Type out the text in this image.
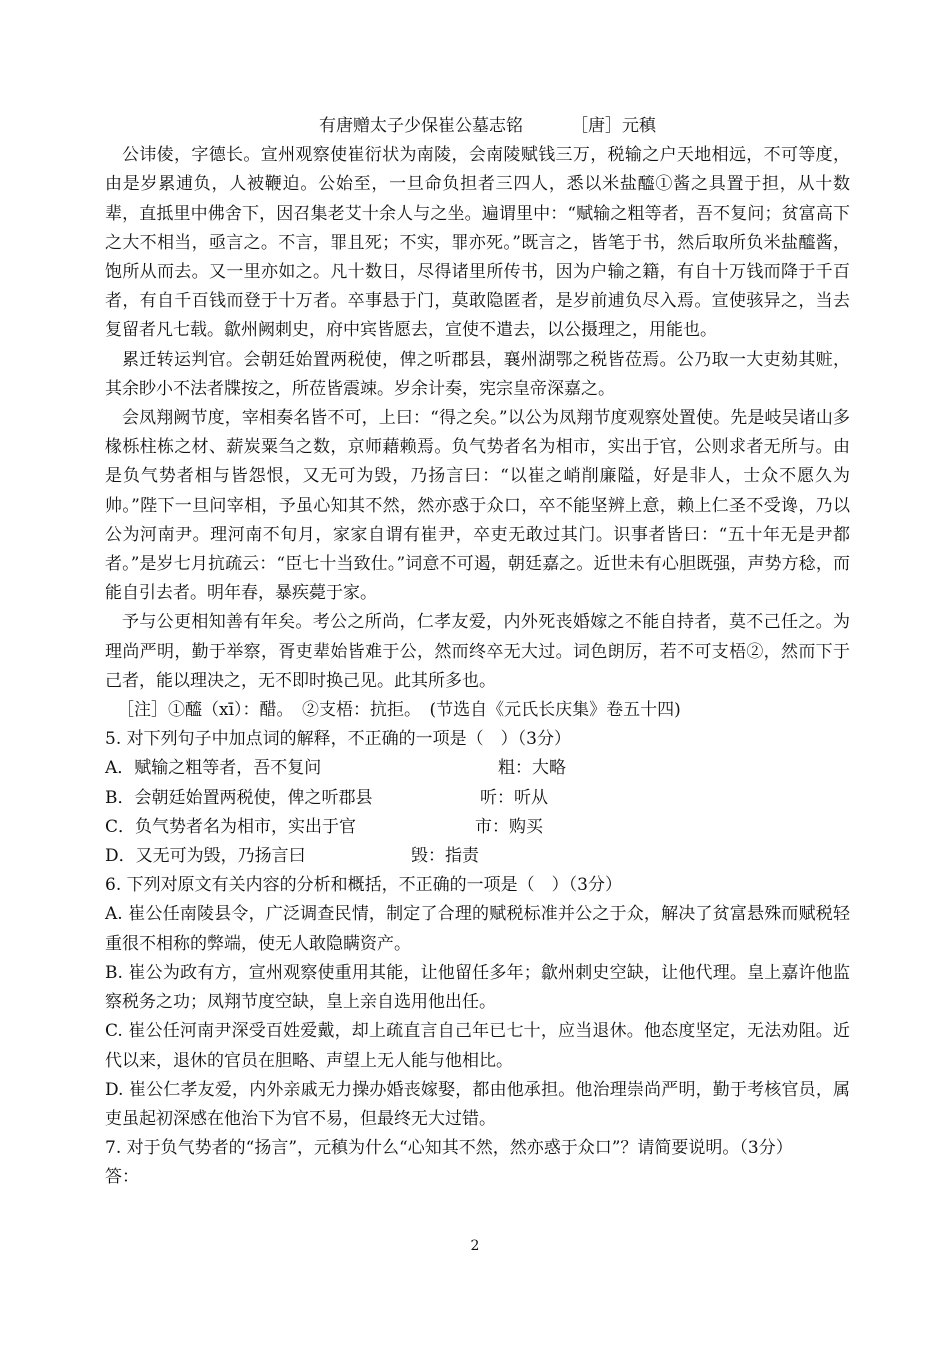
有唐赠太子少保崔公墓志铭	［唐］元稹

公讳倰，字德长。宣州观察使崔衍状为南陵，会南陵赋钱三万，税输之户天地相远，不可等度，由是岁累逋负，人被鞭迫。公始至，一旦命负担者三四人，悉以米盐醯①酱之具置于担，从十数辈，直抵里中佛舍下，因召集老艾十余人与之坐。遍谓里中：“赋输之粗等者，吾不复问；贫富高下之大不相当，亟言之。不言，罪且死；不实，罪亦死。”既言之，皆笔于书，然后取所负米盐醯酱，饱所从而去。又一里亦如之。凡十数日，尽得诸里所传书，因为户输之籍，有自十万钱而降于千百者，有自千百钱而登于十万者。卒事悬于门，莫敢隐匿者，是岁前逋负尽入焉。宣使骇异之，当去复留者凡七载。歙州阙刺史，府中宾皆愿去，宣使不遣去，以公摄理之，用能也。

累迁转运判官。会朝廷始置两税使，俾之听郡县，襄州湖鄂之税皆莅焉。公乃取一大吏劾其赃，其余眇小不法者牒按之，所莅皆震竦。岁余计奏，宪宗皇帝深嘉之。

会凤翔阙节度，宰相奏名皆不可，上曰：“得之矣。”以公为凤翔节度观察处置使。先是岐吴诸山多椽栎柱栋之材、薪炭粟刍之数，京师藉赖焉。负气势者名为相市，实出于官，公则求者无所与。由是负气势者相与皆怨恨，又无可为毁，乃扬言曰：“以崔之峭削廉隘，好是非人，士众不愿久为帅。”陛下一旦问宰相，予虽心知其不然，然亦惑于众口，卒不能坚辨上意，赖上仁圣不受谗，乃以公为河南尹。理河南不旬月，家家自谓有崔尹，卒吏无敢过其门。识事者皆曰：“五十年无是尹都者。”是岁七月抗疏云：“臣七十当致仕。”词意不可遏，朝廷嘉之。近世未有心胆既强，声势方稔，而能自引去者。明年春，暴疾薨于家。

予与公更相知善有年矣。考公之所尚，仁孝友爱，内外死丧婚嫁之不能自持者，莫不己任之。为理尚严明，勤于举察，胥吏辈始皆难于公，然而终卒无大过。词色朗厉，若不可支梧②，然而下于己者，能以理决之，无不即时换己见。此其所多也。

［注］①醯（xī）：醋。　②支梧：抗拒。　(节选自《元氏长庆集》卷五十四)

5. 对下列句子中加点词的解释，不正确的一项是（　）（3分）

A．赋输之粗等者，吾不复问	粗：大略
B．会朝廷始置两税使，俾之听郡县	听：听从
C．负气势者名为相市，实出于官	市：购买
D．又无可为毁，乃扬言曰	毁：指责

6. 下列对原文有关内容的分析和概括，不正确的一项是（　）（3分）

A. 崔公任南陵县令，广泛调查民情，制定了合理的赋税标准并公之于众，解决了贫富悬殊而赋税轻重很不相称的弊端，使无人敢隐瞒资产。

B. 崔公为政有方，宣州观察使重用其能，让他留任多年；歙州刺史空缺，让他代理。皇上嘉许他监察税务之功；凤翔节度空缺，皇上亲自选用他出任。

C. 崔公任河南尹深受百姓爱戴，却上疏直言自己年已七十，应当退休。他态度坚定，无法劝阻。近代以来，退休的官员在胆略、声望上无人能与他相比。

D. 崔公仁孝友爱，内外亲戚无力操办婚丧嫁娶，都由他承担。他治理崇尚严明，勤于考核官员，属吏虽起初深感在他治下为官不易，但最终无大过错。

7. 对于负气势者的“扬言”，元稹为什么“心知其不然，然亦惑于众口”？请简要说明。（3分）

答：

2
